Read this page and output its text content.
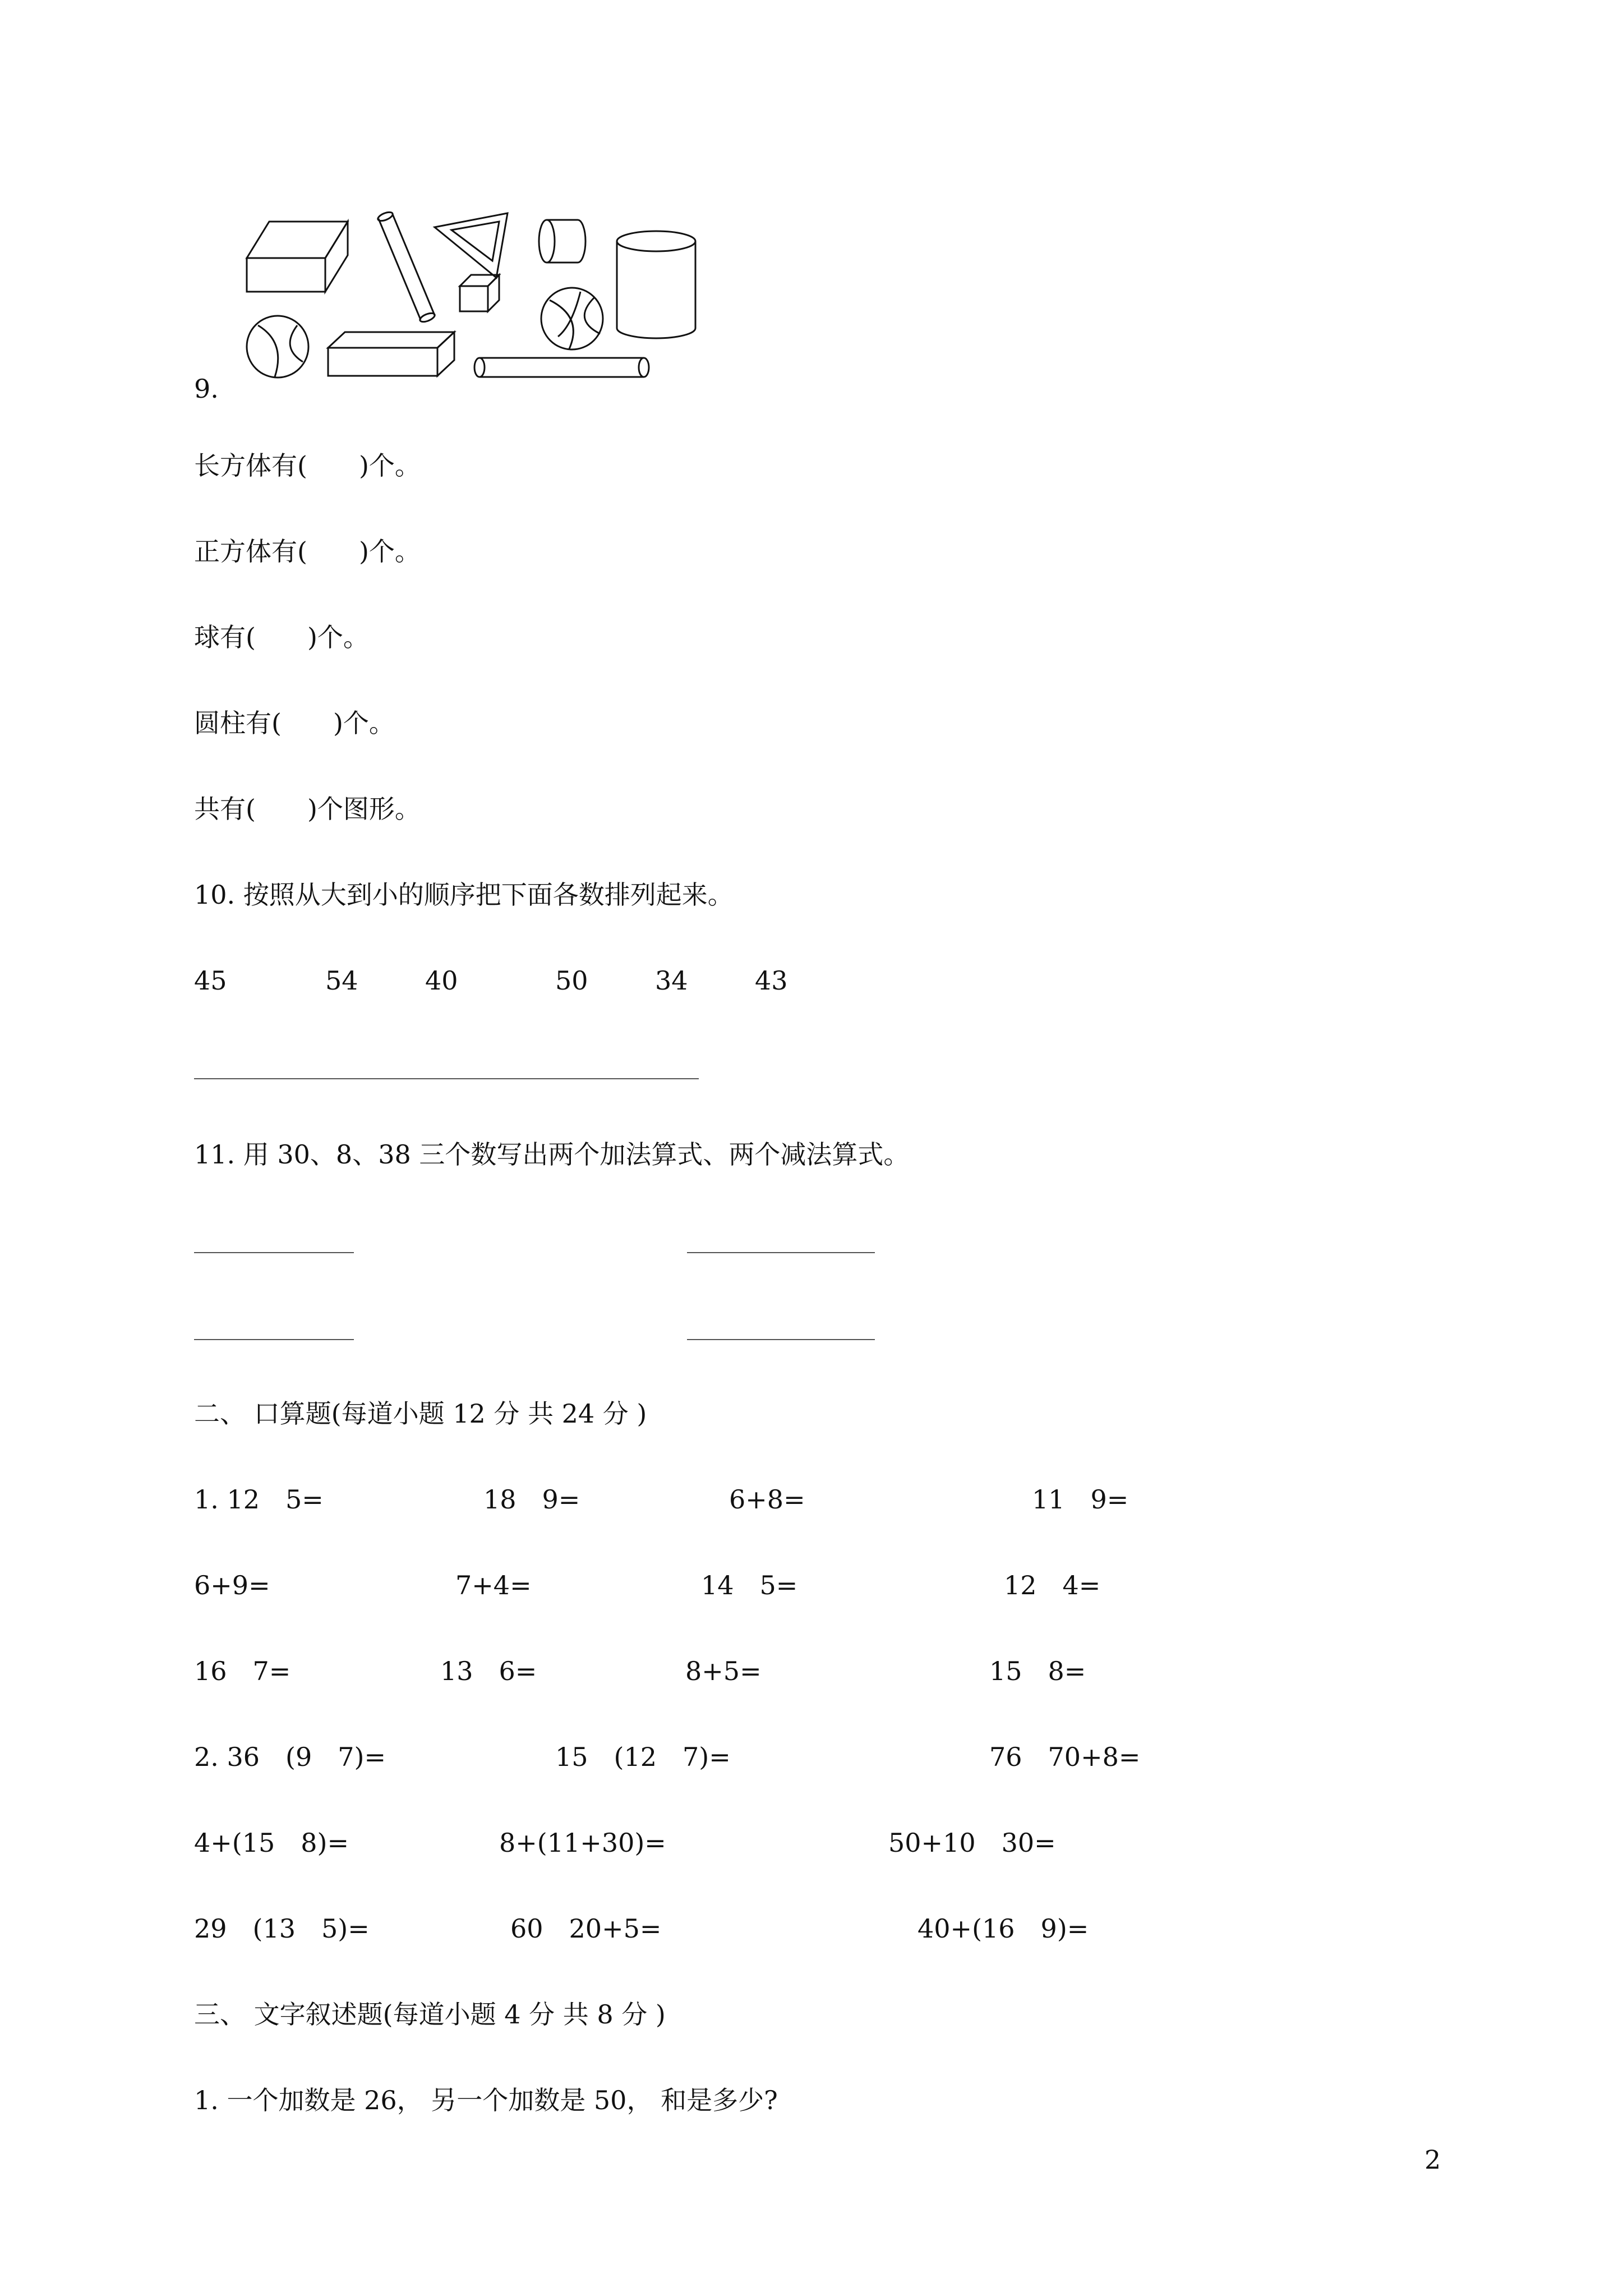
9.
长方体有(　　)个。
正方体有(　　)个。
球有(　　)个。
圆柱有(　　)个。
共有(　　)个图形。
10. 按照从大到小的顺序把下面各数排列起来。
45	54	40	50	34	43
11. 用 30、8、38 三个数写出两个加法算式、两个减法算式。
二、 口算题(每道小题 12 分 共 24 分 )
1. 12　5=	18　9=	6+8=	11　9=
6+9=	7+4=	14　5=	12　4=
16　7=	13　6=	8+5=	15　8=
2. 36　(9　7)=	15　(12　7)=	76　70+8=
4+(15　8)=	8+(11+30)=	50+10　30=
29　(13　5)=	60　20+5=	40+(16　9)=
三、 文字叙述题(每道小题 4 分 共 8 分 )
1. 一个加数是 26， 另一个加数是 50， 和是多少?
2
